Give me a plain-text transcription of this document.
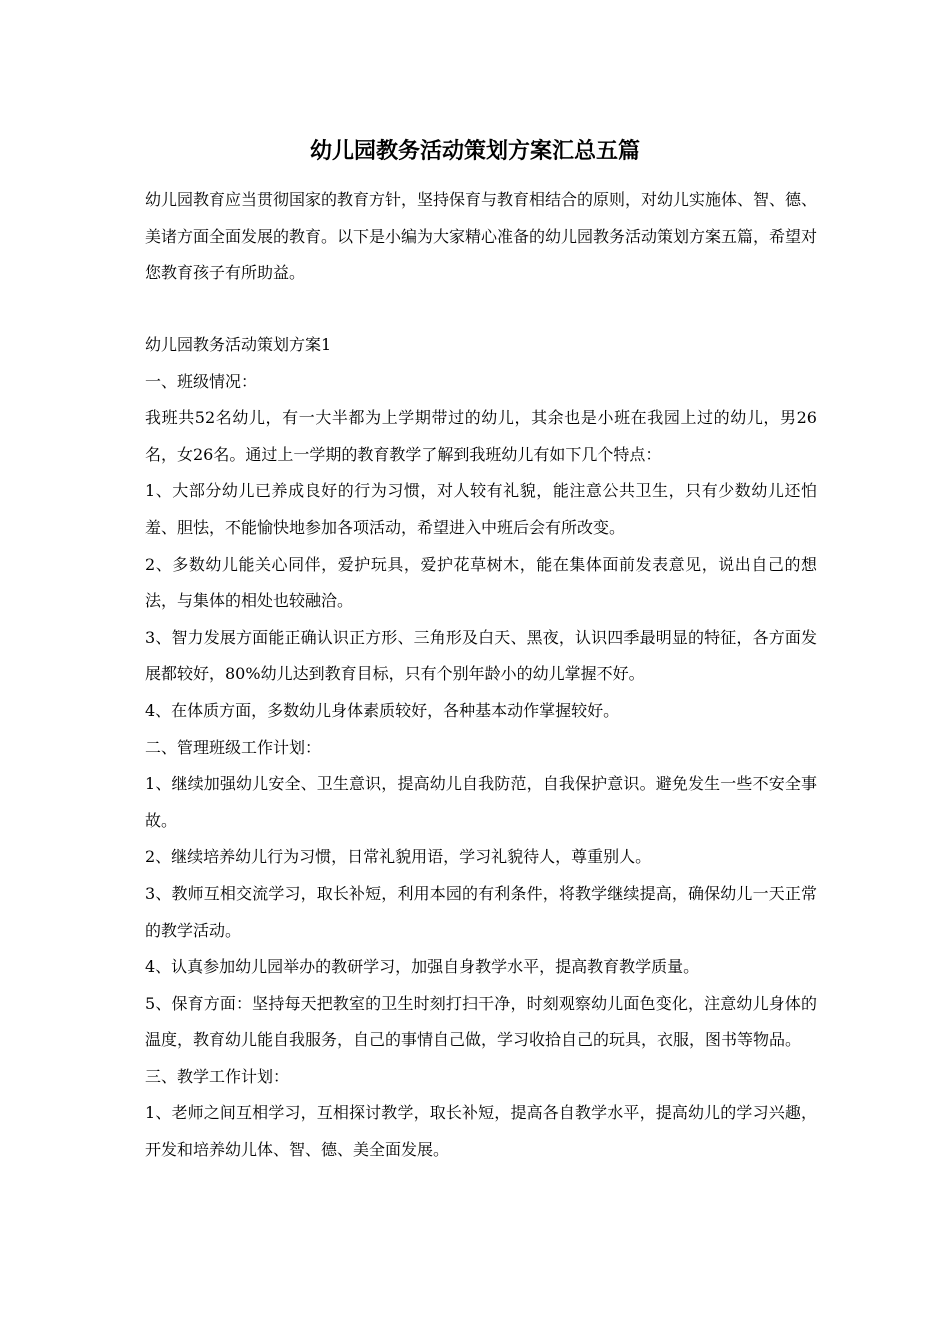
幼儿园教务活动策划方案汇总五篇

幼儿园教育应当贯彻国家的教育方针，坚持保育与教育相结合的原则，对幼儿实施体、智、德、美诸方面全面发展的教育。以下是小编为大家精心准备的幼儿园教务活动策划方案五篇，希望对您教育孩子有所助益。

幼儿园教务活动策划方案1

一、班级情况：

我班共52名幼儿，有一大半都为上学期带过的幼儿，其余也是小班在我园上过的幼儿，男26名，女26名。通过上一学期的教育教学了解到我班幼儿有如下几个特点：

1、大部分幼儿已养成良好的行为习惯，对人较有礼貌，能注意公共卫生，只有少数幼儿还怕羞、胆怯，不能愉快地参加各项活动，希望进入中班后会有所改变。

2、多数幼儿能关心同伴，爱护玩具，爱护花草树木，能在集体面前发表意见，说出自己的想法，与集体的相处也较融洽。

3、智力发展方面能正确认识正方形、三角形及白天、黑夜，认识四季最明显的特征，各方面发展都较好，80%幼儿达到教育目标，只有个别年龄小的幼儿掌握不好。

4、在体质方面，多数幼儿身体素质较好，各种基本动作掌握较好。

二、管理班级工作计划：

1、继续加强幼儿安全、卫生意识，提高幼儿自我防范，自我保护意识。避免发生一些不安全事故。

2、继续培养幼儿行为习惯，日常礼貌用语，学习礼貌待人，尊重别人。

3、教师互相交流学习，取长补短，利用本园的有利条件，将教学继续提高，确保幼儿一天正常的教学活动。

4、认真参加幼儿园举办的教研学习，加强自身教学水平，提高教育教学质量。

5、保育方面：坚持每天把教室的卫生时刻打扫干净，时刻观察幼儿面色变化，注意幼儿身体的温度，教育幼儿能自我服务，自己的事情自己做，学习收拾自己的玩具，衣服，图书等物品。

三、教学工作计划：

1、老师之间互相学习，互相探讨教学，取长补短，提高各自教学水平，提高幼儿的学习兴趣，开发和培养幼儿体、智、德、美全面发展。
